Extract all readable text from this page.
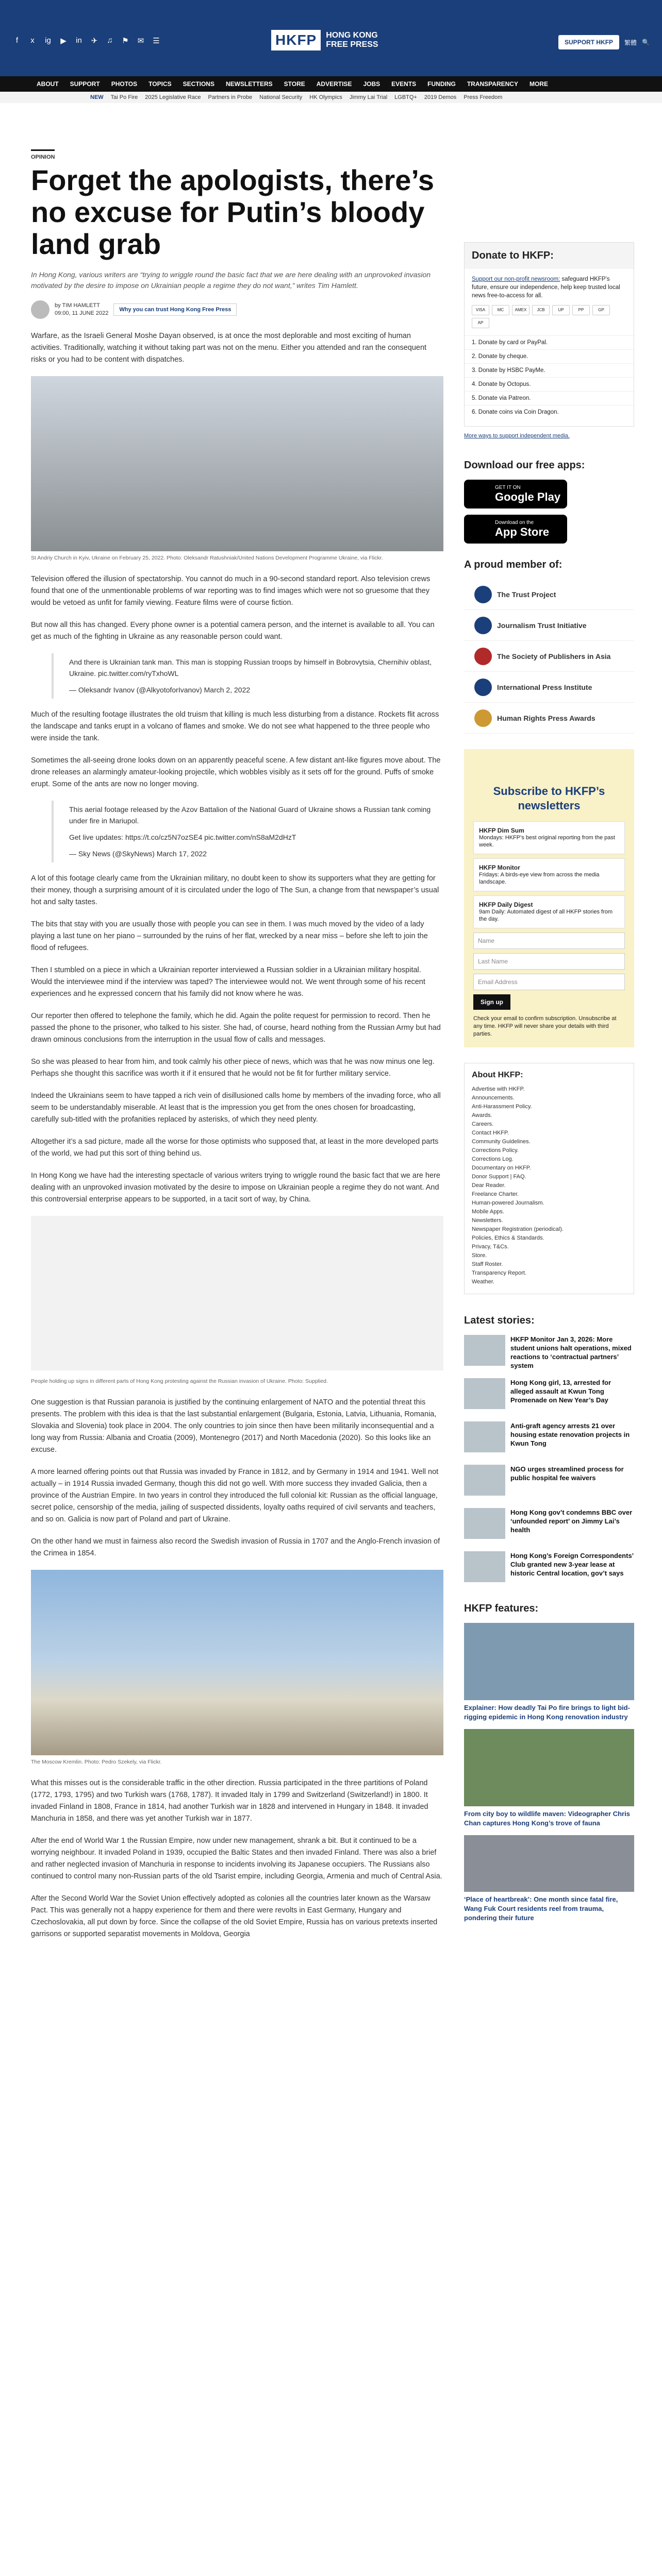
f	x	ig ▶ in ✈ ♫ ⚑ ✉ ☰	HKFP	HONG KONG
FREE PRESS	SUPPORT HKFP	繁體 🔍
ABOUT	SUPPORT	PHOTOS	TOPICS	SECTIONS	NEWSLETTERS	STORE	ADVERTISE	JOBS	EVENTS	FUNDING	TRANSPARENCY	MORE
NEW	Tai Po Fire	2025 Legislative Race	Partners in Probe	National Security	HK Olympics	Jimmy Lai Trial	LGBTQ+	2019 Demos	Press Freedom
OPINION
Forget the apologists, there’s no excuse for Putin’s bloody land grab
In Hong Kong, various writers are “trying to wriggle round the basic fact that we are here dealing with an unprovoked invasion motivated by the desire to impose on Ukrainian people a regime they do not want,” writes Tim Hamlett.
by TIM HAMLETT
09:00, 11 JUNE 2022
Why you can trust Hong Kong Free Press

Warfare, as the Israeli General Moshe Dayan observed, is at once the most deplorable and most exciting of human activities. Traditionally, watching it without taking part was not on the menu. Either you attended and ran the consequent risks or you had to be content with dispatches.

St Andriy Church in Kyiv, Ukraine on February 25, 2022. Photo: Oleksandr Ratushniak/United Nations Development Programme Ukraine, via Flickr.

Television offered the illusion of spectatorship. You cannot do much in a 90-second standard report. Also television crews found that one of the unmentionable problems of war reporting was to find images which were not so gruesome that they would be vetoed as unfit for family viewing. Feature films were of course fiction.

But now all this has changed. Every phone owner is a potential camera person, and the internet is available to all. You can get as much of the fighting in Ukraine as any reasonable person could want.

And there is Ukrainian tank man. This man is stopping Russian troops by himself in Bobrovytsia, Chernihiv oblast, Ukraine. pic.twitter.com/ryTxhoWL
— Oleksandr Ivanov (@AlkyotoforIvanov) March 2, 2022

Much of the resulting footage illustrates the old truism that killing is much less disturbing from a distance. Rockets flit across the landscape and tanks erupt in a volcano of flames and smoke. We do not see what happened to the three people who were inside the tank.

Sometimes the all-seeing drone looks down on an apparently peaceful scene. A few distant ant-like figures move about. The drone releases an alarmingly amateur-looking projectile, which wobbles visibly as it sets off for the ground. Puffs of smoke erupt. Some of the ants are now no longer moving.

This aerial footage released by the Azov Battalion of the National Guard of Ukraine shows a Russian tank coming under fire in Mariupol.
Get live updates: https://t.co/cz5N7ozSE4 pic.twitter.com/nS8aM2dHzT
— Sky News (@SkyNews) March 17, 2022

A lot of this footage clearly came from the Ukrainian military, no doubt keen to show its supporters what they are getting for their money, though a surprising amount of it is circulated under the logo of The Sun, a change from that newspaper’s usual hot and salty tastes.

The bits that stay with you are usually those with people you can see in them. I was much moved by the video of a lady playing a last tune on her piano – surrounded by the ruins of her flat, wrecked by a near miss – before she left to join the flood of refugees.

Then I stumbled on a piece in which a Ukrainian reporter interviewed a Russian soldier in a Ukrainian military hospital. Would the interviewee mind if the interview was taped? The interviewee would not. We went through some of his recent experiences and he expressed concern that his family did not know where he was.

Our reporter then offered to telephone the family, which he did. Again the polite request for permission to record. Then he passed the phone to the prisoner, who talked to his sister. She had, of course, heard nothing from the Russian Army but had drawn ominous conclusions from the interruption in the usual flow of calls and messages.

So she was pleased to hear from him, and took calmly his other piece of news, which was that he was now minus one leg. Perhaps she thought this sacrifice was worth it if it ensured that he would not be fit for further military service.

Indeed the Ukrainians seem to have tapped a rich vein of disillusioned calls home by members of the invading force, who all seem to be understandably miserable. At least that is the impression you get from the ones chosen for broadcasting, carefully sub-titled with the profanities replaced by asterisks, of which they need plenty.

Altogether it’s a sad picture, made all the worse for those optimists who supposed that, at least in the more developed parts of the world, we had put this sort of thing behind us.

In Hong Kong we have had the interesting spectacle of various writers trying to wriggle round the basic fact that we are here dealing with an unprovoked invasion motivated by the desire to impose on Ukrainian people a regime they do not want. And this controversial enterprise appears to be supported, in a tacit sort of way, by China.

People holding up signs in different parts of Hong Kong protesting against the Russian invasion of Ukraine. Photo: Supplied.

One suggestion is that Russian paranoia is justified by the continuing enlargement of NATO and the potential threat this presents. The problem with this idea is that the last substantial enlargement (Bulgaria, Estonia, Latvia, Lithuania, Romania, Slovakia and Slovenia) took place in 2004. The only countries to join since then have been militarily inconsequential and a long way from Russia: Albania and Croatia (2009), Montenegro (2017) and North Macedonia (2020). So this looks like an excuse.

A more learned offering points out that Russia was invaded by France in 1812, and by Germany in 1914 and 1941. Well not actually – in 1914 Russia invaded Germany, though this did not go well. With more success they invaded Galicia, then a province of the Austrian Empire. In two years in control they introduced the full colonial kit: Russian as the official language, secret police, censorship of the media, jailing of suspected dissidents, loyalty oaths required of civil servants and teachers, and so on. Galicia is now part of Poland and part of Ukraine.

On the other hand we must in fairness also record the Swedish invasion of Russia in 1707 and the Anglo-French invasion of the Crimea in 1854.

The Moscow Kremlin. Photo: Pedro Szekely, via Flickr.

What this misses out is the considerable traffic in the other direction. Russia participated in the three partitions of Poland (1772, 1793, 1795) and two Turkish wars (1768, 1787). It invaded Italy in 1799 and Switzerland (Switzerland!) in 1800. It invaded Finland in 1808, France in 1814, had another Turkish war in 1828 and intervened in Hungary in 1848. It invaded Manchuria in 1858, and there was yet another Turkish war in 1877.

After the end of World War 1 the Russian Empire, now under new management, shrank a bit. But it continued to be a worrying neighbour. It invaded Poland in 1939, occupied the Baltic States and then invaded Finland. There was also a brief and rather neglected invasion of Manchuria in response to incidents involving its Japanese occupiers. The Russians also continued to control many non-Russian parts of the old Tsarist empire, including Georgia, Armenia and much of Central Asia.

After the Second World War the Soviet Union effectively adopted as colonies all the countries later known as the Warsaw Pact. This was generally not a happy experience for them and there were revolts in East Germany, Hungary and Czechoslovakia, all put down by force. Since the collapse of the old Soviet Empire, Russia has on various pretexts inserted garrisons or supported separatist movements in Moldova, Georgia

Donate to HKFP:

Support our non-profit newsroom: safeguard HKFP’s future, ensure our independence, help keep trusted local news free-to-access for all.

VISA	MC	AMEX	JCB	UP	PP	GP
AP
1. Donate by card or PayPal.
2. Donate by cheque.
3. Donate by HSBC PayMe.
4. Donate by Octopus.
5. Donate via Patreon.
6. Donate coins via Coin Dragon.
More ways to support independent media.
Download our free apps:
GET IT ON
Google Play
Download on the
App Store
A proud member of:
The Trust Project
Journalism Trust Initiative
The Society of Publishers in Asia
International Press Institute
Human Rights Press Awards
Subscribe to HKFP’s newsletters
HKFP Dim Sum
Mondays: HKFP’s best original reporting from the past week.
HKFP Monitor
Fridays: A birds-eye view from across the media landscape.
HKFP Daily Digest
9am Daily: Automated digest of all HKFP stories from the day.
Name
Last Name
Email Address
Sign up
Check your email to confirm subscription. Unsubscribe at any time. HKFP will never share your details with third parties.
About HKFP:
Advertise with HKFP.
Announcements.
Anti-Harassment Policy.
Awards.
Careers.
Contact HKFP.
Community Guidelines.
Corrections Policy.
Corrections Log.
Documentary on HKFP.
Donor Support | FAQ.
Dear Reader.
Freelance Charter.
Human-powered Journalism.
Mobile Apps.
Newsletters.
Newspaper Registration (periodical).
Policies, Ethics & Standards.
Privacy, T&Cs.
Store.
Staff Roster.
Transparency Report.
Weather.
Latest stories:
HKFP Monitor Jan 3, 2026: More student unions halt operations, mixed reactions to ‘contractual partners’ system
Hong Kong girl, 13, arrested for alleged assault at Kwun Tong Promenade on New Year’s Day
Anti-graft agency arrests 21 over housing estate renovation projects in Kwun Tong
NGO urges streamlined process for public hospital fee waivers
Hong Kong gov’t condemns BBC over ‘unfounded report’ on Jimmy Lai’s health
Hong Kong’s Foreign Correspondents’ Club granted new 3-year lease at historic Central location, gov’t says
HKFP features:
Explainer: How deadly Tai Po fire brings to light bid-rigging epidemic in Hong Kong renovation industry
From city boy to wildlife maven: Videographer Chris Chan captures Hong Kong’s trove of fauna
‘Place of heartbreak’: One month since fatal fire, Wang Fuk Court residents reel from trauma, pondering their future
